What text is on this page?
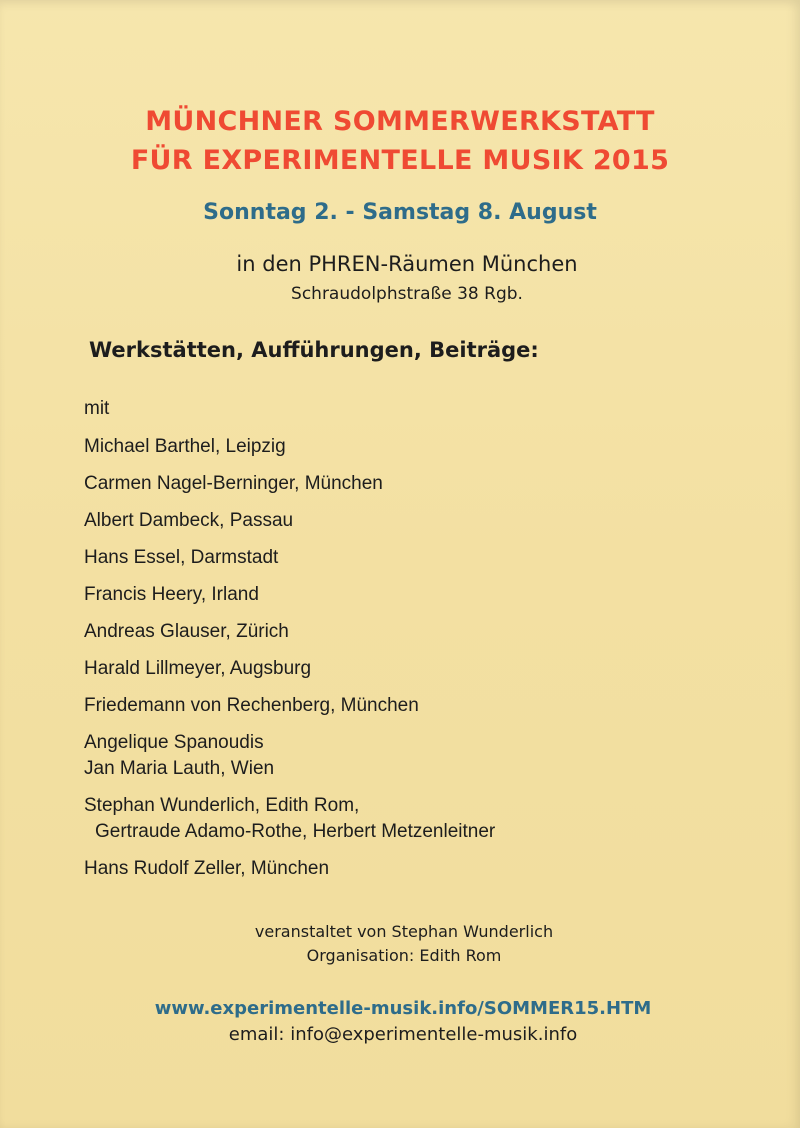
MÜNCHNER SOMMERWERKSTATT
FÜR EXPERIMENTELLE MUSIK 2015
Sonntag 2. - Samstag 8. August
in den PHREN-Räumen München
Schraudolphstraße 38 Rgb.
Werkstätten, Aufführungen, Beiträge:
mit
Michael Barthel, Leipzig
Carmen Nagel-Berninger, München
Albert Dambeck, Passau
Hans Essel, Darmstadt
Francis Heery, Irland
Andreas Glauser, Zürich
Harald Lillmeyer, Augsburg
Friedemann von Rechenberg, München
Angelique Spanoudis
Jan Maria Lauth, Wien
Stephan Wunderlich, Edith Rom,
Gertraude Adamo-Rothe, Herbert Metzenleitner
Hans Rudolf Zeller, München
veranstaltet von Stephan Wunderlich
Organisation: Edith Rom
www.experimentelle-musik.info/SOMMER15.HTM
email: info@experimentelle-musik.info
